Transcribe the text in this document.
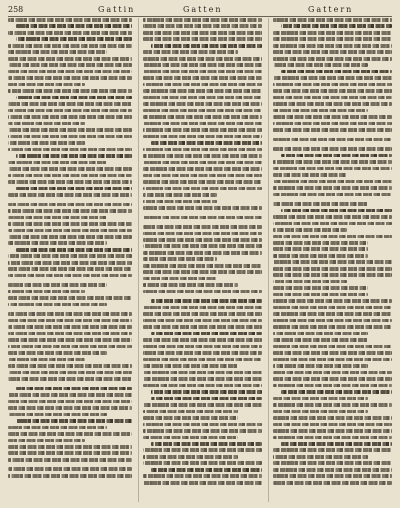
258	Gattin	Gatten	Gattern
